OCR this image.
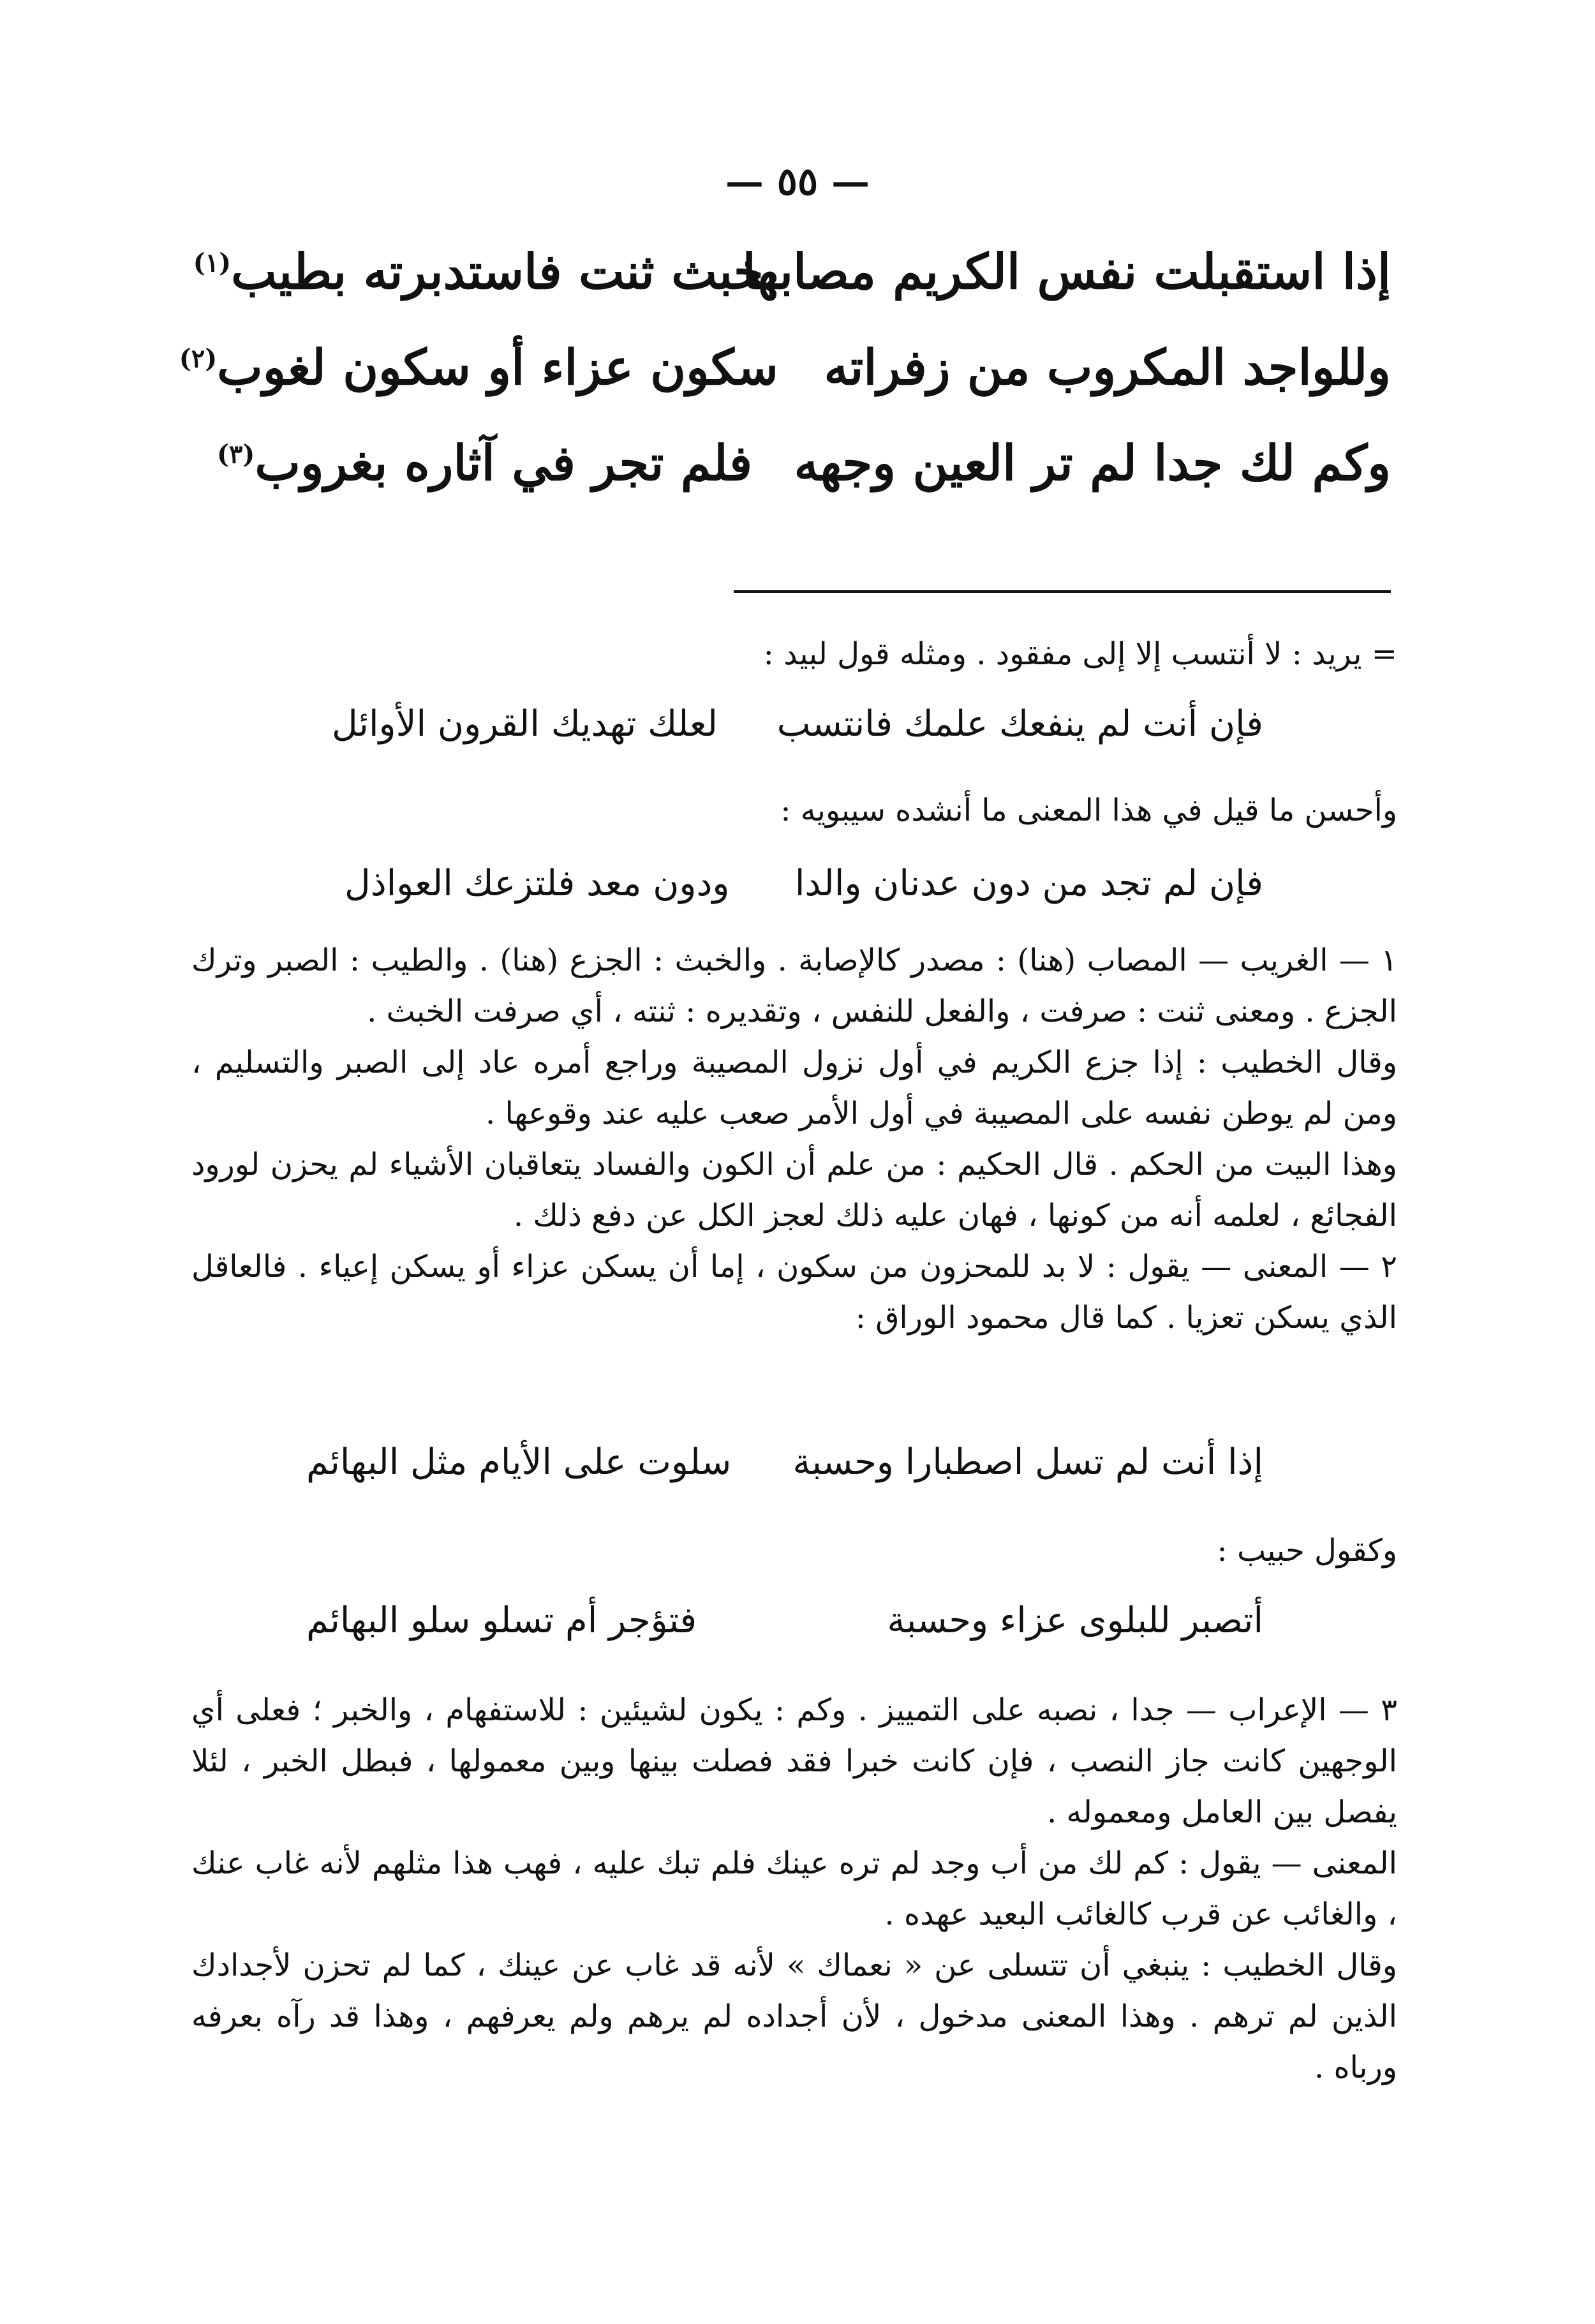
— ٥٥ —
إذا استقبلت نفس الكريم مصابها
بخبث ثنت فاستدبرته بطيب$^{(١)}$
وللواجد المكروب من زفراته
سكون عزاء أو سكون لغوب$^{(٢)}$
وكم لك جدا لم تر العين وجهه
فلم تجر في آثاره بغروب$^{(٣)}$

= يريد : لا أنتسب إلا إلى مفقود . ومثله قول لبيد :

فإن أنت لم ينفعك علمك فانتسب
لعلك تهديك القرون الأوائل

وأحسن ما قيل في هذا المعنى ما أنشده سيبويه :

فإن لم تجد من دون عدنان والدا
ودون معد فلتزعك العواذل

١ — الغريب — المصاب (هنا) : مصدر كالإصابة . والخبث : الجزع (هنا) . والطيب : الصبر وترك الجزع . ومعنى ثنت : صرفت ، والفعل للنفس ، وتقديره : ثنته ، أي صرفت الخبث .

وقال الخطيب : إذا جزع الكريم في أول نزول المصيبة وراجع أمره عاد إلى الصبر والتسليم ، ومن لم يوطن نفسه على المصيبة في أول الأمر صعب عليه عند وقوعها .

وهذا البيت من الحكم . قال الحكيم : من علم أن الكون والفساد يتعاقبان الأشياء لم يحزن لورود الفجائع ، لعلمه أنه من كونها ، فهان عليه ذلك لعجز الكل عن دفع ذلك .

٢ — المعنى — يقول : لا بد للمحزون من سكون ، إما أن يسكن عزاء أو يسكن إعياء . فالعاقل الذي يسكن تعزيا . كما قال محمود الوراق :

إذا أنت لم تسل اصطبارا وحسبة
سلوت على الأيام مثل البهائم

وكقول حبيب :

أتصبر للبلوى عزاء وحسبة
فتؤجر أم تسلو سلو البهائم

٣ — الإعراب — جدا ، نصبه على التمييز . وكم : يكون لشيئين : للاستفهام ، والخبر ؛ فعلى أي الوجهين كانت جاز النصب ، فإن كانت خبرا فقد فصلت بينها وبين معمولها ، فبطل الخبر ، لئلا يفصل بين العامل ومعموله .

المعنى — يقول : كم لك من أب وجد لم تره عينك فلم تبك عليه ، فهب هذا مثلهم لأنه غاب عنك ، والغائب عن قرب كالغائب البعيد عهده .

وقال الخطيب : ينبغي أن تتسلى عن « نعماك » لأنه قد غاب عن عينك ، كما لم تحزن لأجدادك الذين لم ترهم . وهذا المعنى مدخول ، لأن أجداده لم يرهم ولم يعرفهم ، وهذا قد رآه بعرفه ورباه .
